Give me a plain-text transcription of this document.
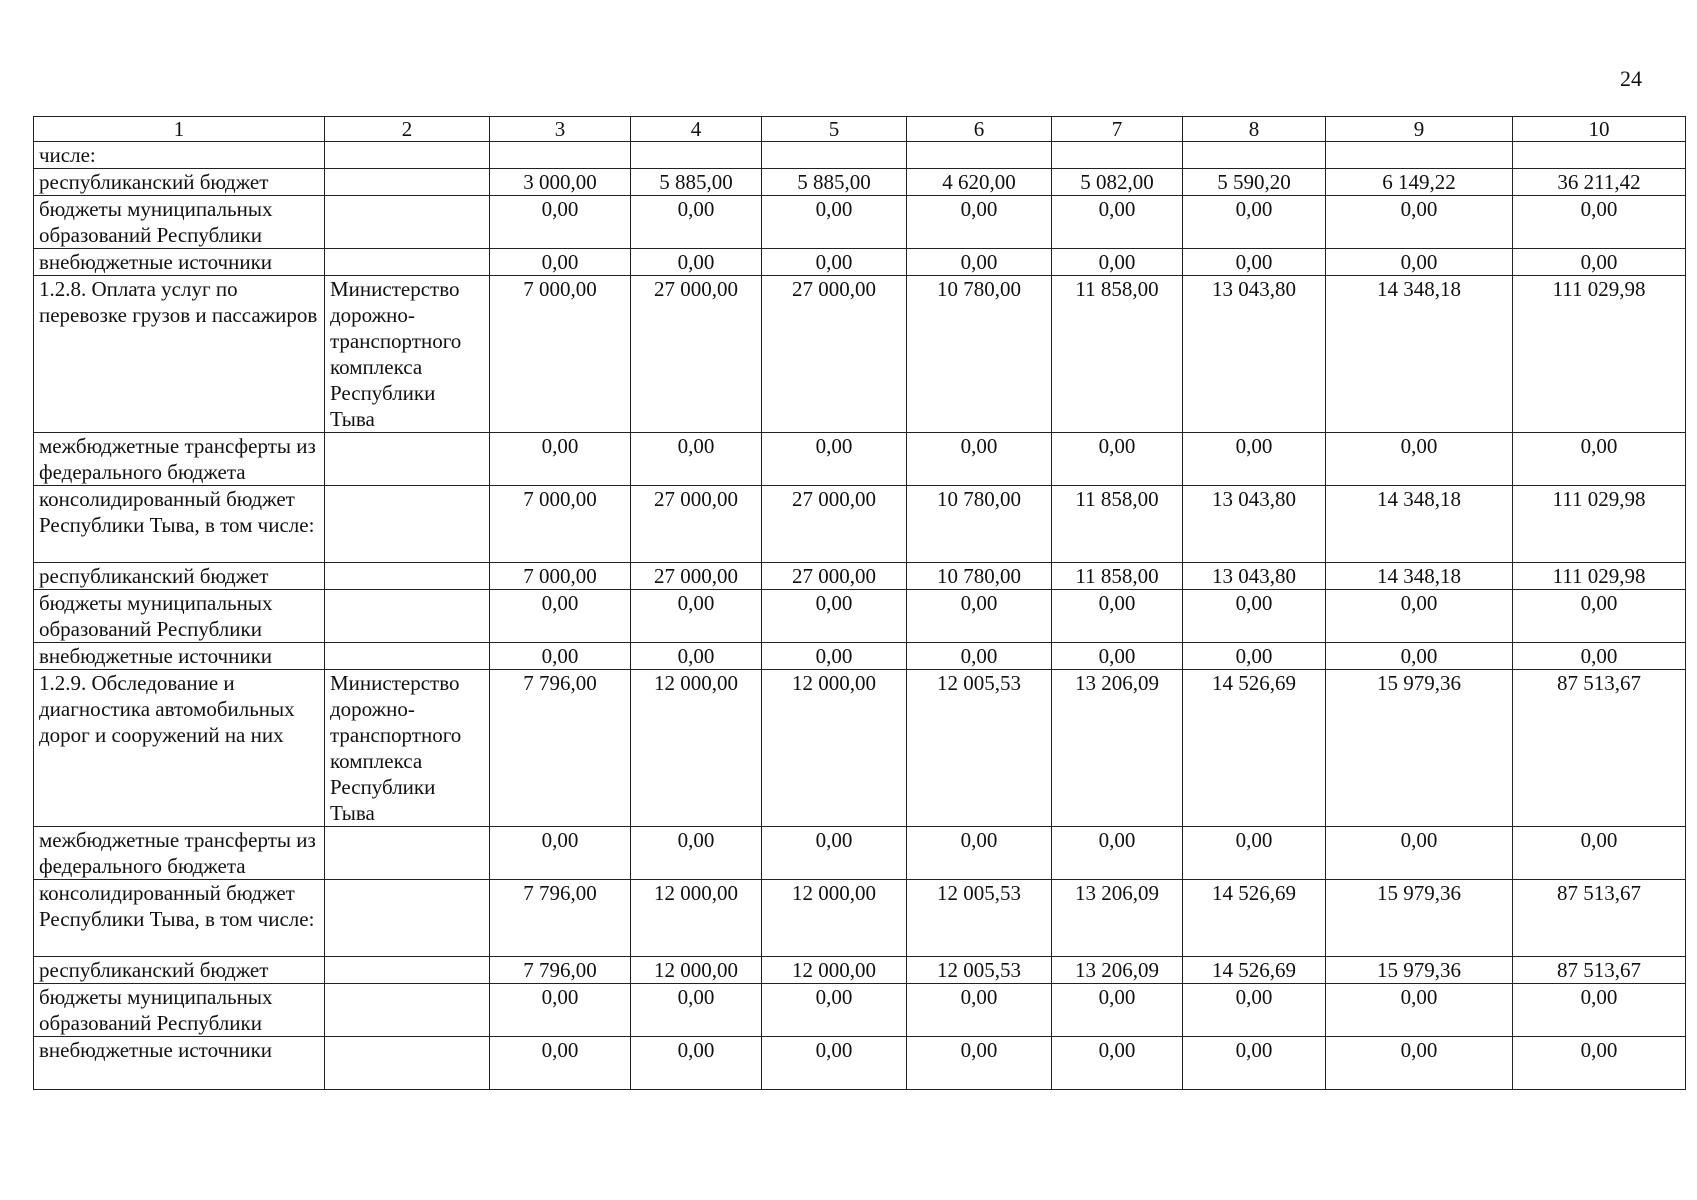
24
1	2	3	4	5	6	7	8	9	10
числе:									
республиканский бюджет		3 000,00	5 885,00	5 885,00	4 620,00	5 082,00	5 590,20	6 149,22	36 211,42
бюджеты муниципальных образований Республики		0,00	0,00	0,00	0,00	0,00	0,00	0,00	0,00
внебюджетные источники		0,00	0,00	0,00	0,00	0,00	0,00	0,00	0,00
1.2.8. Оплата услуг по перевозке грузов и пассажиров	Министерство дорожно-транспортного комплекса Республики Тыва	7 000,00	27 000,00	27 000,00	10 780,00	11 858,00	13 043,80	14 348,18	111 029,98
межбюджетные трансферты из федерального бюджета		0,00	0,00	0,00	0,00	0,00	0,00	0,00	0,00
консолидированный бюджет Республики Тыва, в том числе:		7 000,00	27 000,00	27 000,00	10 780,00	11 858,00	13 043,80	14 348,18	111 029,98
республиканский бюджет		7 000,00	27 000,00	27 000,00	10 780,00	11 858,00	13 043,80	14 348,18	111 029,98
бюджеты муниципальных образований Республики		0,00	0,00	0,00	0,00	0,00	0,00	0,00	0,00
внебюджетные источники		0,00	0,00	0,00	0,00	0,00	0,00	0,00	0,00
1.2.9. Обследование и диагностика автомобильных дорог и сооружений на них	Министерство дорожно-транспортного комплекса Республики Тыва	7 796,00	12 000,00	12 000,00	12 005,53	13 206,09	14 526,69	15 979,36	87 513,67
межбюджетные трансферты из федерального бюджета		0,00	0,00	0,00	0,00	0,00	0,00	0,00	0,00
консолидированный бюджет Республики Тыва, в том числе:		7 796,00	12 000,00	12 000,00	12 005,53	13 206,09	14 526,69	15 979,36	87 513,67
республиканский бюджет		7 796,00	12 000,00	12 000,00	12 005,53	13 206,09	14 526,69	15 979,36	87 513,67
бюджеты муниципальных образований Республики		0,00	0,00	0,00	0,00	0,00	0,00	0,00	0,00
внебюджетные источники		0,00	0,00	0,00	0,00	0,00	0,00	0,00	0,00
